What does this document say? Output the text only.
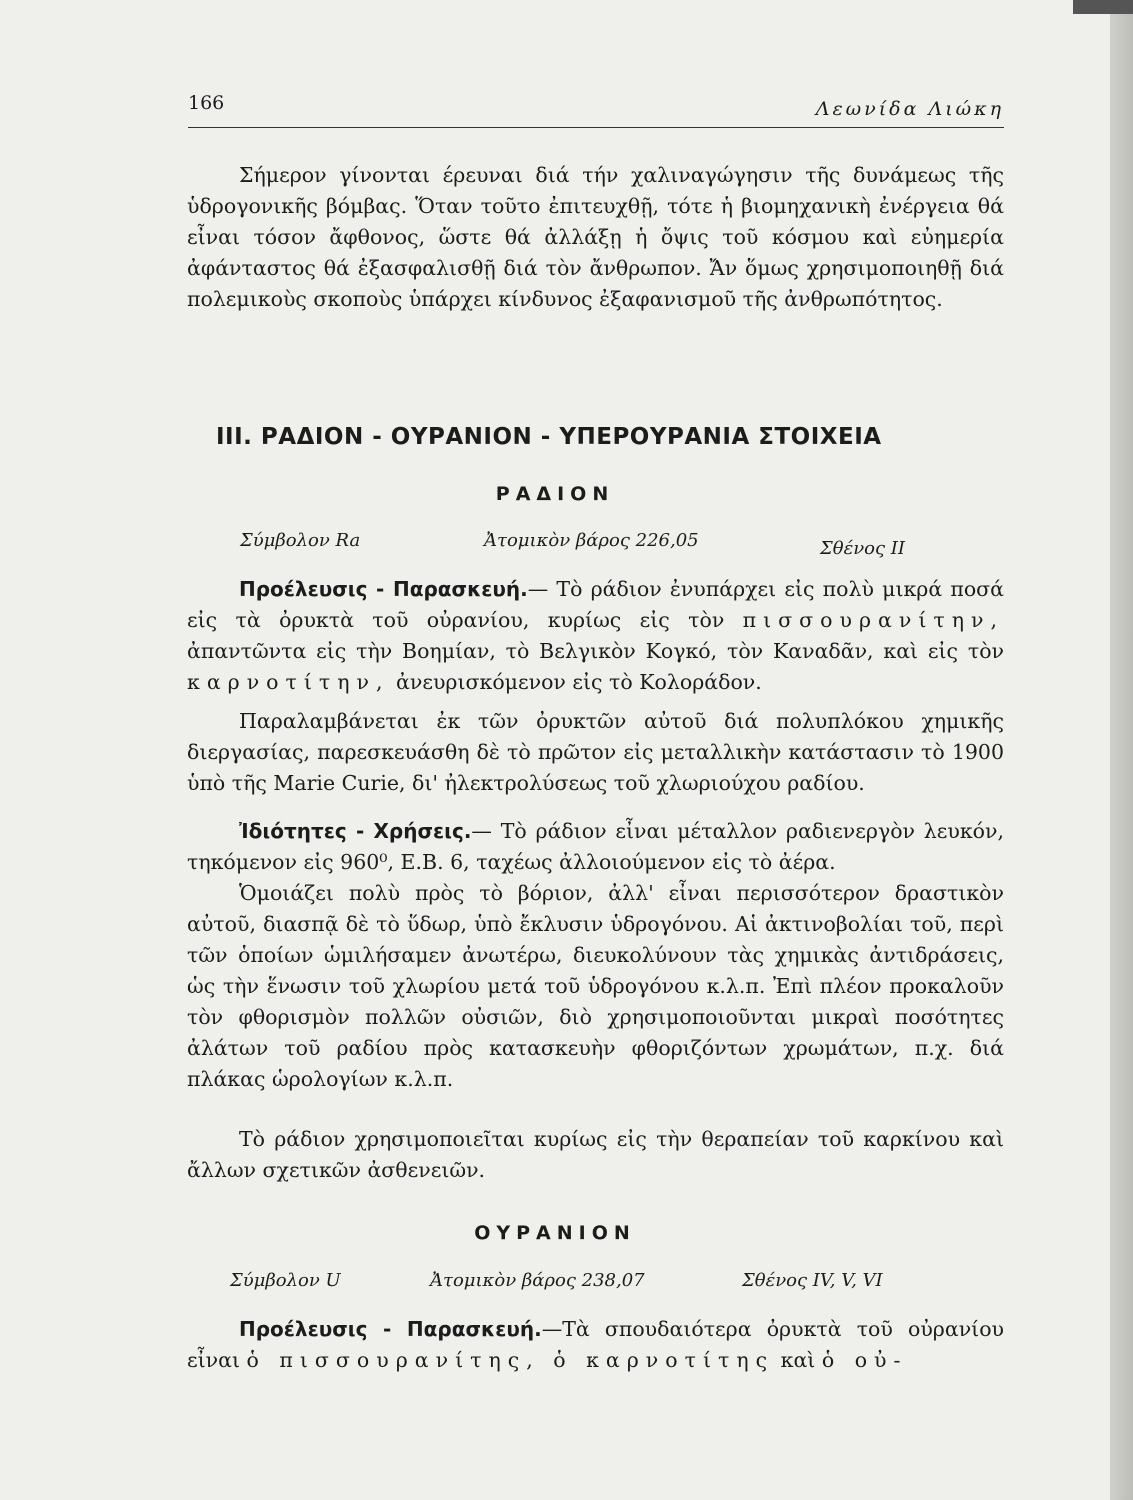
166	Λεωνίδα Λιώκη

Σήμερον γίνονται έρευναι διά τήν χαλιναγώγησιν τῆς δυνάμεως τῆς ὑδρογονικῆς βόμβας. Ὅταν τοῦτο ἐπιτευχθῇ, τότε ἡ βιομηχανικὴ ἐνέργεια θά εἶναι τόσον ἄφθονος, ὥστε θά ἀλλάξῃ ἡ ὄψις τοῦ κόσμου καὶ εὐημερία ἀφάνταστος θά ἐξασφαλισθῇ διά τὸν ἄνθρωπον. Ἄν ὅμως χρησιμοποιηθῇ διά πολεμικοὺς σκοποὺς ὑπάρχει κίνδυνος ἐξαφανισμοῦ τῆς ἀνθρωπότητος.

III. ΡΑΔΙΟΝ - ΟΥΡΑΝΙΟΝ - ΥΠΕΡΟΥΡΑΝΙΑ ΣΤΟΙΧΕΙΑ
ΡΑΔΙΟΝ
Σύμβολον Ra	Ἀτομικὸν βάρος 226,05	Σθένος II

Προέλευσις - Παρασκευή.— Τὸ ράδιον ἐνυπάρχει εἰς πολὺ μικρά ποσά εἰς τὰ ὀρυκτὰ τοῦ οὐρανίου, κυρίως εἰς τὸν πισσουρανίτην, ἀπαντῶντα εἰς τὴν Βοημίαν, τὸ Βελγικὸν Κογκό, τὸν Καναδᾶν, καὶ εἰς τὸν καρνοτίτην, ἀνευρισκόμενον εἰς τὸ Κολοράδον.

Παραλαμβάνεται ἐκ τῶν ὀρυκτῶν αὐτοῦ διά πολυπλόκου χημικῆς διεργασίας, παρεσκευάσθη δὲ τὸ πρῶτον εἰς μεταλλικὴν κατάστασιν τὸ 1900 ὑπὸ τῆς Marie Curie, δι' ἠλεκτρολύσεως τοῦ χλωριούχου ραδίου.

Ἰδιότητες - Χρήσεις.— Τὸ ράδιον εἶναι μέταλλον ραδιενεργὸν λευκόν, τηκόμενον εἰς 960⁰, Ε.Β. 6, ταχέως ἀλλοιούμενον εἰς τὸ ἀέρα.

Ὁμοιάζει πολὺ πρὸς τὸ βόριον, ἀλλ' εἶναι περισσότερον δραστικὸν αὐτοῦ, διασπᾷ δὲ τὸ ὕδωρ, ὑπὸ ἔκλυσιν ὑδρογόνου. Αἱ ἀκτινοβολίαι τοῦ, περὶ τῶν ὁποίων ὡμιλήσαμεν ἀνωτέρω, διευκολύνουν τὰς χημικὰς ἀντιδράσεις, ὡς τὴν ἕνωσιν τοῦ χλωρίου μετά τοῦ ὑδρογόνου κ.λ.π. Ἐπὶ πλέον προκαλοῦν τὸν φθορισμὸν πολλῶν οὐσιῶν, διὸ χρησιμοποιοῦνται μικραὶ ποσότητες ἀλάτων τοῦ ραδίου πρὸς κατασκευὴν φθοριζόντων χρωμάτων, π.χ. διά πλάκας ὡρολογίων κ.λ.π.

Τὸ ράδιον χρησιμοποιεῖται κυρίως εἰς τὴν θεραπείαν τοῦ καρκίνου καὶ ἄλλων σχετικῶν ἀσθενειῶν.

ΟΥΡΑΝΙΟΝ
Σύμβολον U	Ἀτομικὸν βάρος 238,07	Σθένος IV, V, VI

Προέλευσις - Παρασκευή.—Τὰ σπουδαιότερα ὀρυκτὰ τοῦ οὐρανίου εἶναι ὁ πισσουρανίτης, ὁ καρνοτίτης καὶ ὁ οὐ-
